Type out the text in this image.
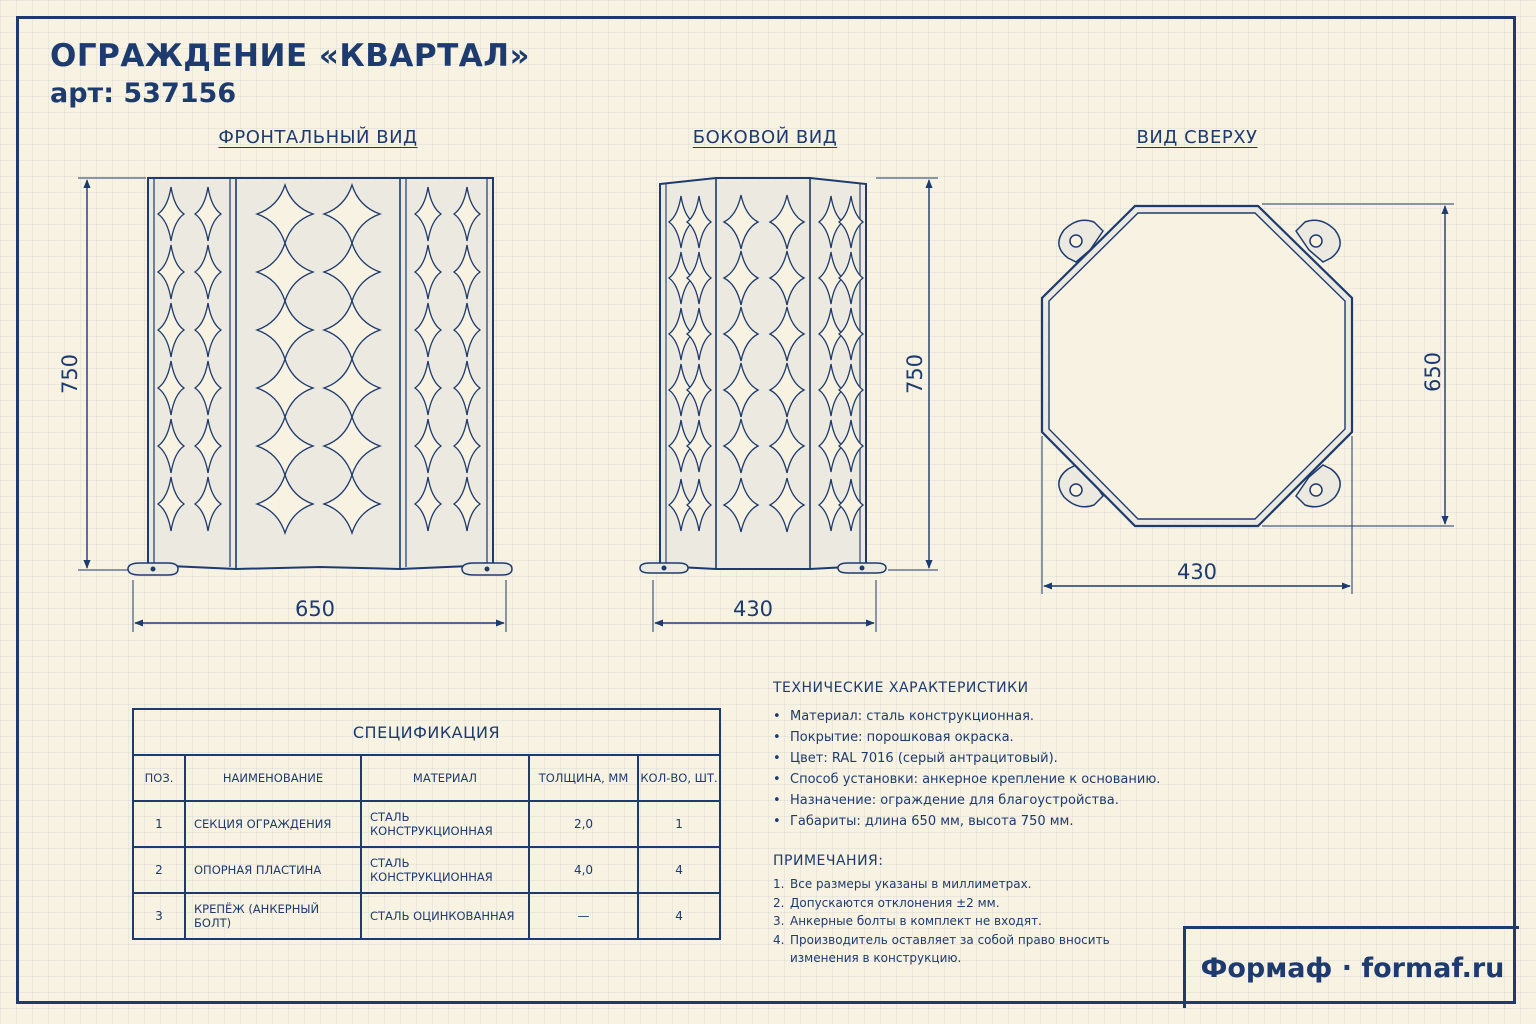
ОГРАЖДЕНИЕ «КВАРТАЛ»
арт: 537156
ФРОНТАЛЬНЫЙ ВИД	БОКОВОЙ ВИД	ВИД СВЕРХУ
750
650
750
430
650
430
СПЕЦИФИКАЦИЯ				
ПОЗ.	НАИМЕНОВАНИЕ	МАТЕРИАЛ	ТОЛЩИНА, ММ	КОЛ-ВО, ШТ.
1	СЕКЦИЯ ОГРАЖДЕНИЯ	СТАЛЬ КОНСТРУКЦИОННАЯ	2,0	1
2	ОПОРНАЯ ПЛАСТИНА	СТАЛЬ КОНСТРУКЦИОННАЯ	4,0	4
3	КРЕПЁЖ (АНКЕРНЫЙ БОЛТ)	СТАЛЬ ОЦИНКОВАННАЯ	—	4
ТЕХНИЧЕСКИЕ ХАРАКТЕРИСТИКИ
• Материал: сталь конструкционная.
• Покрытие: порошковая окраска.
• Цвет: RAL 7016 (серый антрацитовый).
• Способ установки: анкерное крепление к основанию.
• Назначение: ограждение для благоустройства.
• Габариты: длина 650 мм, высота 750 мм.
ПРИМЕЧАНИЯ:
1. Все размеры указаны в миллиметрах.
2. Допускаются отклонения ±2 мм.
3. Анкерные болты в комплект не входят.
4. Производитель оставляет за собой право вносить изменения в конструкцию.	Формаф · formaf.ru
